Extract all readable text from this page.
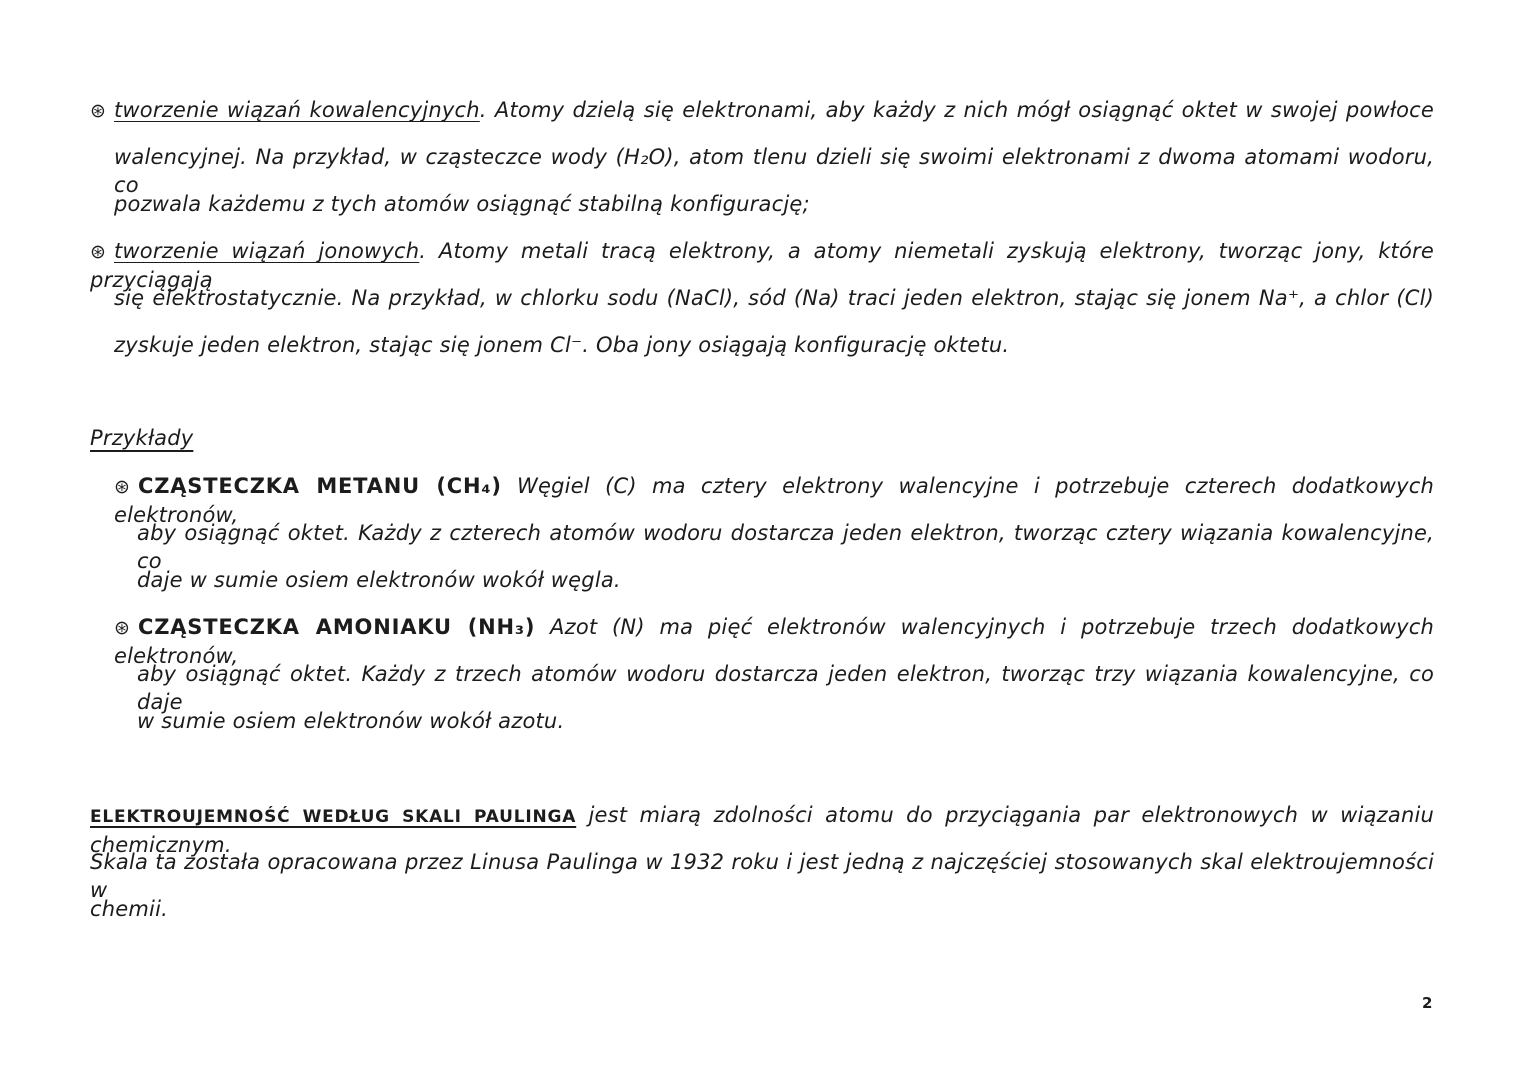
⊛ tworzenie wiązań kowalencyjnych. Atomy dzielą się elektronami, aby każdy z nich mógł osiągnąć oktet w swojej powłoce
walencyjnej. Na przykład, w cząsteczce wody (H₂O), atom tlenu dzieli się swoimi elektronami z dwoma atomami wodoru, co
pozwala każdemu z tych atomów osiągnąć stabilną konfigurację;
⊛ tworzenie wiązań jonowych. Atomy metali tracą elektrony, a atomy niemetali zyskują elektrony, tworząc jony, które przyciągają
się elektrostatycznie. Na przykład, w chlorku sodu (NaCl), sód (Na) traci jeden elektron, stając się jonem Na⁺, a chlor (Cl)
zyskuje jeden elektron, stając się jonem Cl⁻. Oba jony osiągają konfigurację oktetu.
Przykłady
⊛ CZĄSTECZKA METANU (CH₄) Węgiel (C) ma cztery elektrony walencyjne i potrzebuje czterech dodatkowych elektronów,
aby osiągnąć oktet. Każdy z czterech atomów wodoru dostarcza jeden elektron, tworząc cztery wiązania kowalencyjne, co
daje w sumie osiem elektronów wokół węgla.
⊛ CZĄSTECZKA AMONIAKU (NH₃) Azot (N) ma pięć elektronów walencyjnych i potrzebuje trzech dodatkowych elektronów,
aby osiągnąć oktet. Każdy z trzech atomów wodoru dostarcza jeden elektron, tworząc trzy wiązania kowalencyjne, co daje
w sumie osiem elektronów wokół azotu.
ELEKTROUJEMNOŚĆ WEDŁUG SKALI PAULINGA jest miarą zdolności atomu do przyciągania par elektronowych w wiązaniu chemicznym.
Skala ta została opracowana przez Linusa Paulinga w 1932 roku i jest jedną z najczęściej stosowanych skal elektroujemności w
chemii.
2
